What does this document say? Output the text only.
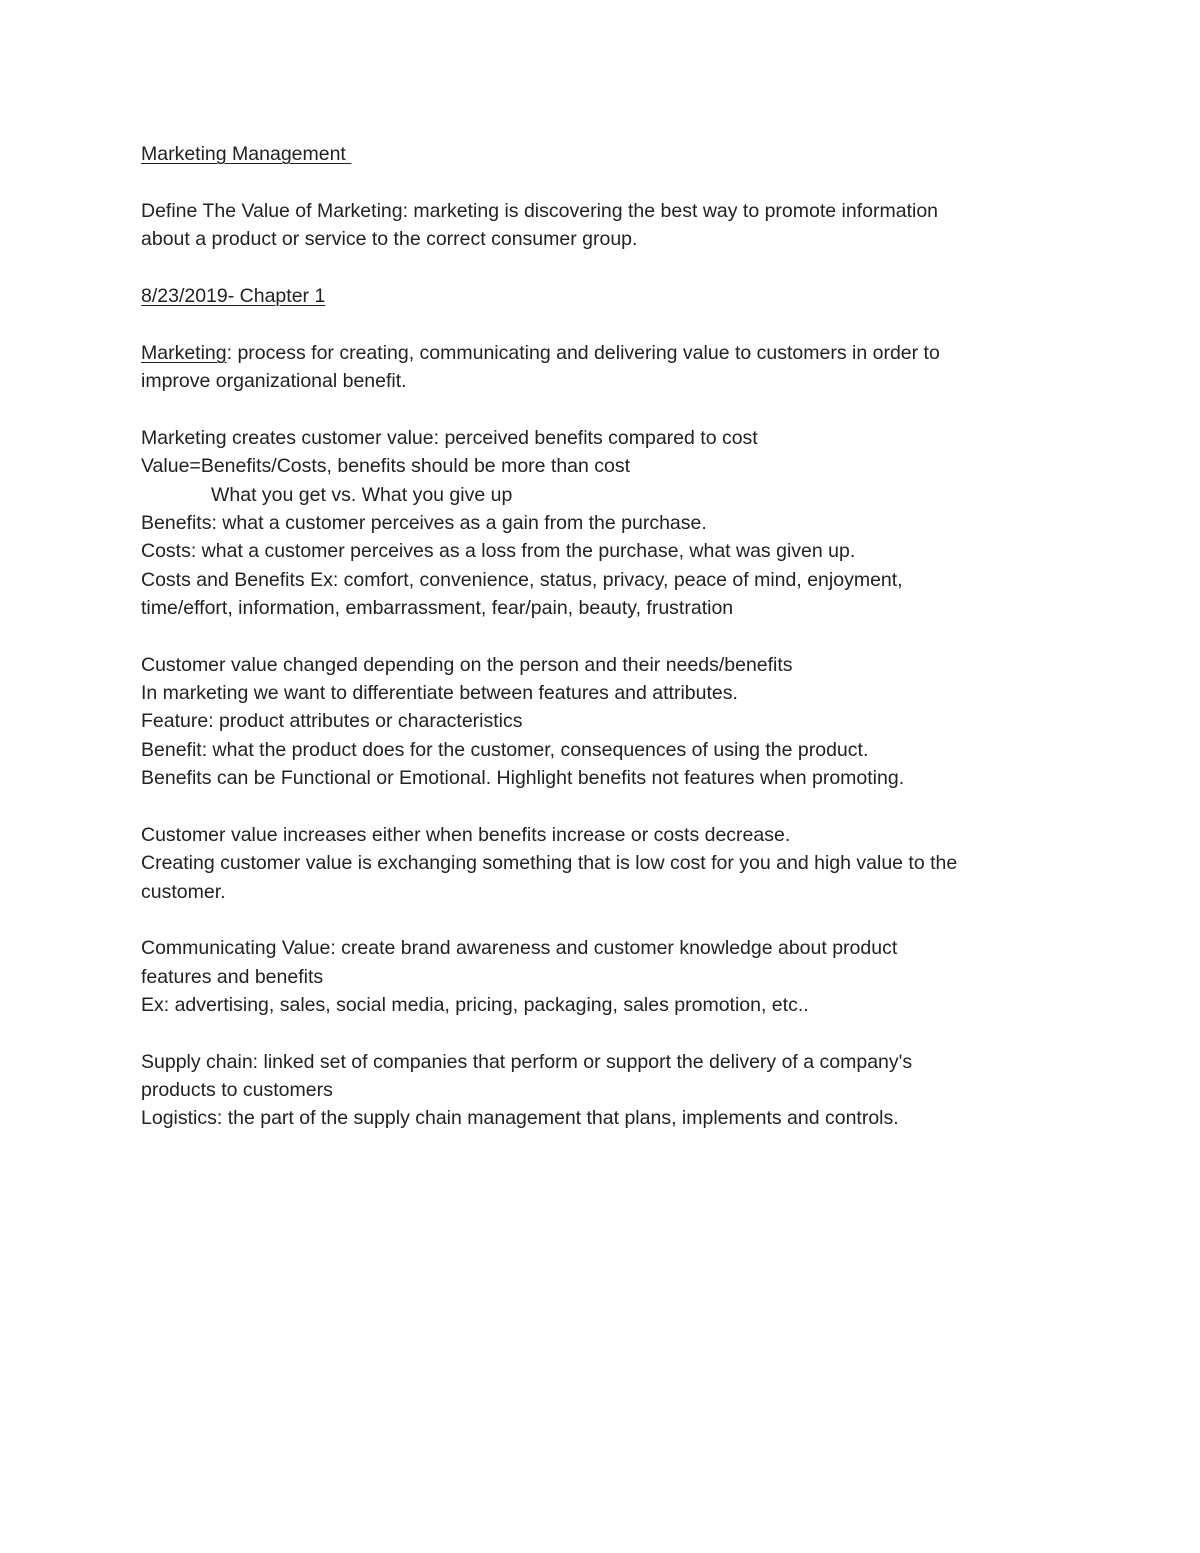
Marketing Management
Define The Value of Marketing: marketing is discovering the best way to promote information
about a product or service to the correct consumer group.
8/23/2019- Chapter 1
Marketing: process for creating, communicating and delivering value to customers in order to
improve organizational benefit.
Marketing creates customer value: perceived benefits compared to cost
Value=Benefits/Costs, benefits should be more than cost
What you get vs. What you give up
Benefits: what a customer perceives as a gain from the purchase.
Costs: what a customer perceives as a loss from the purchase, what was given up.
Costs and Benefits Ex: comfort, convenience, status, privacy, peace of mind, enjoyment,
time/effort, information, embarrassment, fear/pain, beauty, frustration
Customer value changed depending on the person and their needs/benefits
In marketing we want to differentiate between features and attributes.
Feature: product attributes or characteristics
Benefit: what the product does for the customer, consequences of using the product.
Benefits can be Functional or Emotional. Highlight benefits not features when promoting.
Customer value increases either when benefits increase or costs decrease.
Creating customer value is exchanging something that is low cost for you and high value to the
customer.
Communicating Value: create brand awareness and customer knowledge about product
features and benefits
Ex: advertising, sales, social media, pricing, packaging, sales promotion, etc..
Supply chain: linked set of companies that perform or support the delivery of a company's
products to customers
Logistics: the part of the supply chain management that plans, implements and controls.
